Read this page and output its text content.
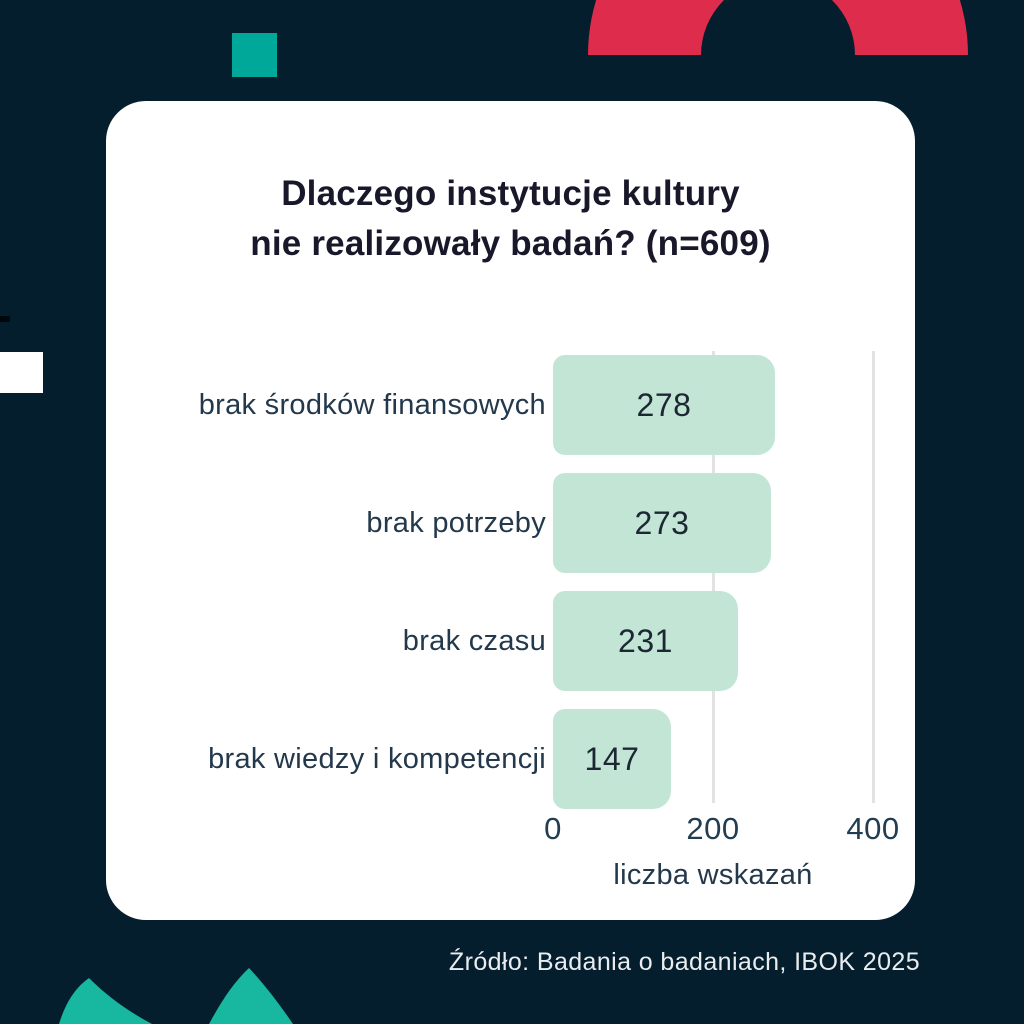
Dlaczego instytucje kultury
nie realizowały badań? (n=609)
liczba wskazań
0	200	400
brak środków finansowych	278
brak potrzeby	273
brak czasu 231
brak wiedzy i kompetencji 147
Źródło: Badania o badaniach, IBOK 2025
